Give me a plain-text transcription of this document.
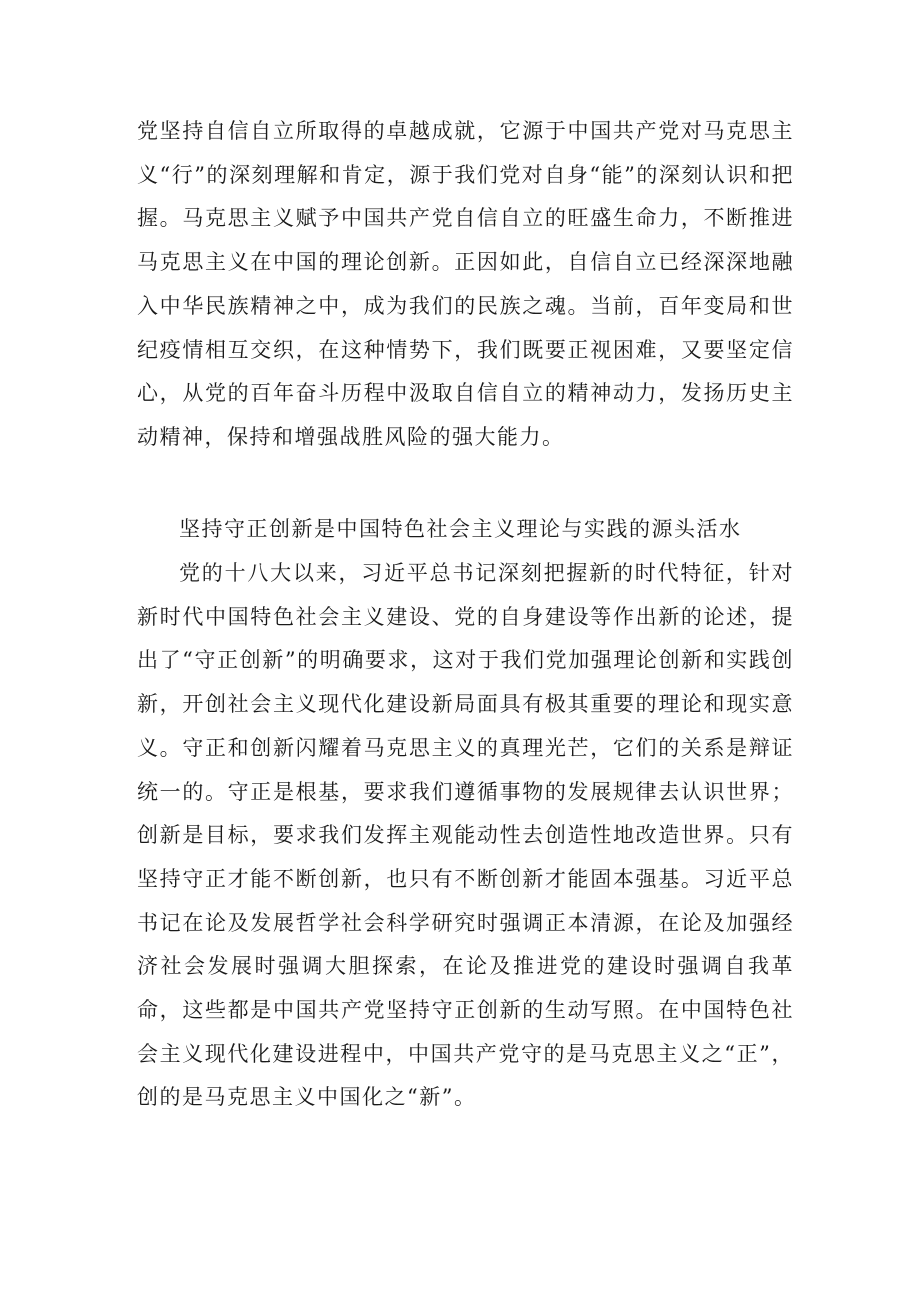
党坚持自信自立所取得的卓越成就，它源于中国共产党对马克思主义“行”的深刻理解和肯定，源于我们党对自身“能”的深刻认识和把握。马克思主义赋予中国共产党自信自立的旺盛生命力，不断推进马克思主义在中国的理论创新。正因如此，自信自立已经深深地融入中华民族精神之中，成为我们的民族之魂。当前，百年变局和世纪疫情相互交织，在这种情势下，我们既要正视困难，又要坚定信心，从党的百年奋斗历程中汲取自信自立的精神动力，发扬历史主动精神，保持和增强战胜风险的强大能力。

坚持守正创新是中国特色社会主义理论与实践的源头活水

党的十八大以来，习近平总书记深刻把握新的时代特征，针对新时代中国特色社会主义建设、党的自身建设等作出新的论述，提出了“守正创新”的明确要求，这对于我们党加强理论创新和实践创新，开创社会主义现代化建设新局面具有极其重要的理论和现实意义。守正和创新闪耀着马克思主义的真理光芒，它们的关系是辩证统一的。守正是根基，要求我们遵循事物的发展规律去认识世界；创新是目标，要求我们发挥主观能动性去创造性地改造世界。只有坚持守正才能不断创新，也只有不断创新才能固本强基。习近平总书记在论及发展哲学社会科学研究时强调正本清源，在论及加强经济社会发展时强调大胆探索，在论及推进党的建设时强调自我革命，这些都是中国共产党坚持守正创新的生动写照。在中国特色社会主义现代化建设进程中，中国共产党守的是马克思主义之“正”，创的是马克思主义中国化之“新”。
